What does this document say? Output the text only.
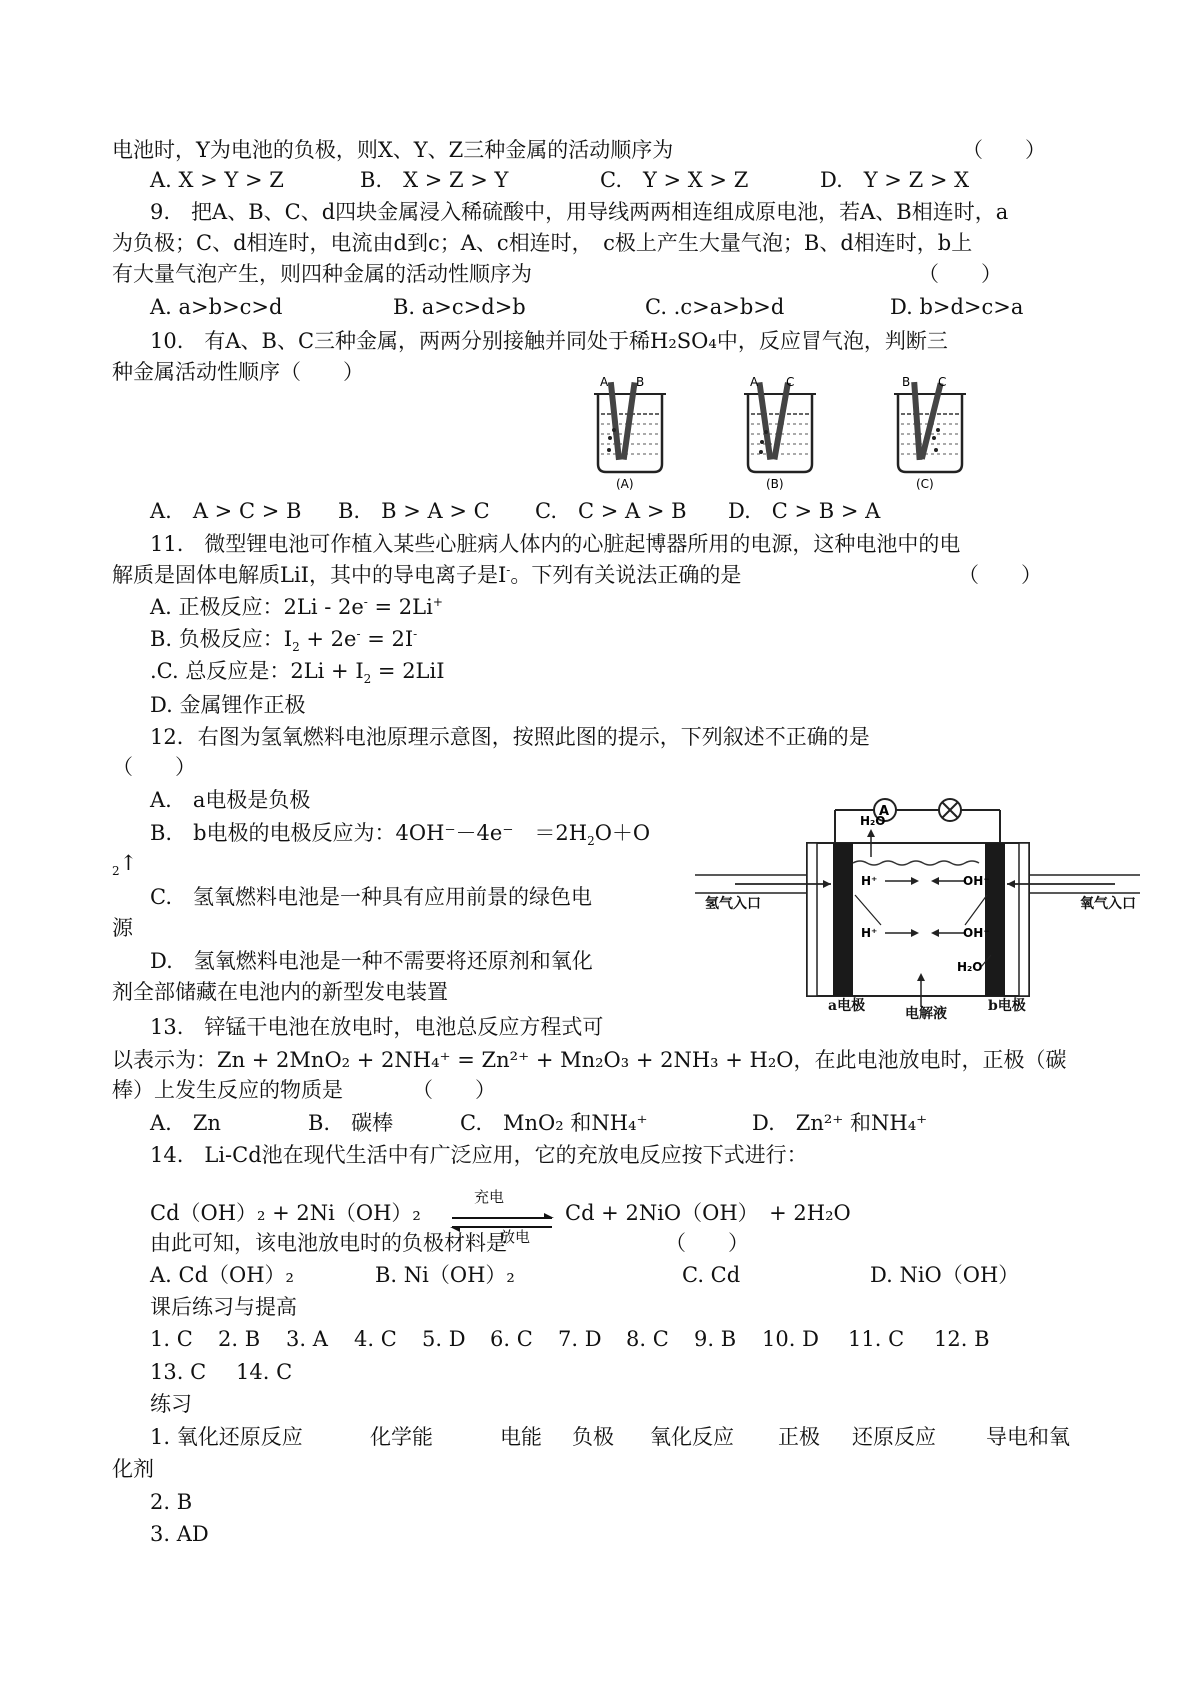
电池时，Y为电池的负极，则X、Y、Z三种金属的活动顺序为	（　　）
A. X > Y > Z	B.　X > Z > Y	C.　Y > X > Z	D.　Y > Z > X
9.　把A、B、C、d四块金属浸入稀硫酸中，用导线两两相连组成原电池，若A、B相连时，a
为负极；C、d相连时，电流由d到c；A、c相连时，　c极上产生大量气泡；B、d相连时，b上
有大量气泡产生，则四种金属的活动性顺序为	（　　）
A. a>b>c>d	B. a>c>d>b	C. .c>a>b>d	D. b>d>c>a
10.　有A、B、C三种金属，两两分别接触并同处于稀H₂SO₄中，反应冒气泡，判断三
种金属活动性顺序（　　）	A B
(A)
A C
(B)
B C
(C)
A.　A > C > B B.　B > A > C C.　C > A > B D.　C > B > A
11.　微型锂电池可作植入某些心脏病人体内的心脏起博器所用的电源，这种电池中的电
解质是固体电解质LiI，其中的导电离子是I-。下列有关说法正确的是	（　　）
A. 正极反应：2Li - 2e- = 2Li+
B. 负极反应：$I_2 + 2e^- = 2I^-$
.C. 总反应是：$2Li + I_2 = 2LiI$
D. 金属锂作正极
12．右图为氢氧燃料电池原理示意图，按照此图的提示，下列叙述不正确的是
（　　）
A.　a电极是负极
B.　b电极的电极反应为：4OH⁻－4e⁻　$=2H_2O+O$
$_2$↑
C.　氢氧燃料电池是一种具有应用前景的绿色电
源
D.　氢氧燃料电池是一种不需要将还原剂和氧化
剂全部储藏在电池内的新型发电装置
A
H₂O
H⁺	OH⁻
H⁺	OH⁻
H₂O
氢气入口	氧气入口
a电极	电解液	b电极
13.　锌锰干电池在放电时，电池总反应方程式可
以表示为：Zn + 2MnO₂ + 2NH₄⁺ = Zn²⁺ + Mn₂O₃ + 2NH₃ + H₂O，在此电池放电时，正极（碳
棒）上发生反应的物质是	（　　）
A.　Zn	B.　碳棒	C.　MnO₂ 和NH₄⁺	D.　Zn²⁺ 和NH₄⁺
14.　Li-Cd池在现代生活中有广泛应用，它的充放电反应按下式进行：
Cd（OH）₂ + 2Ni（OH）₂
充电
放电
Cd + 2NiO（OH）　+ 2H₂O
由此可知，该电池放电时的负极材料是	（　　）
A. Cd（OH）₂	B. Ni（OH）₂	C. Cd	D. NiO（OH）
课后练习与提高
1. C 2. B 3. A 4. C 5. D 6. C 7. D 8. C 9. B 10. D 11. C 12. B
13. C 14. C
练习
1. 氧化还原反应	化学能	电能 负极 氧化反应 正极 还原反应 导电和氧
化剂
2. B
3. AD
